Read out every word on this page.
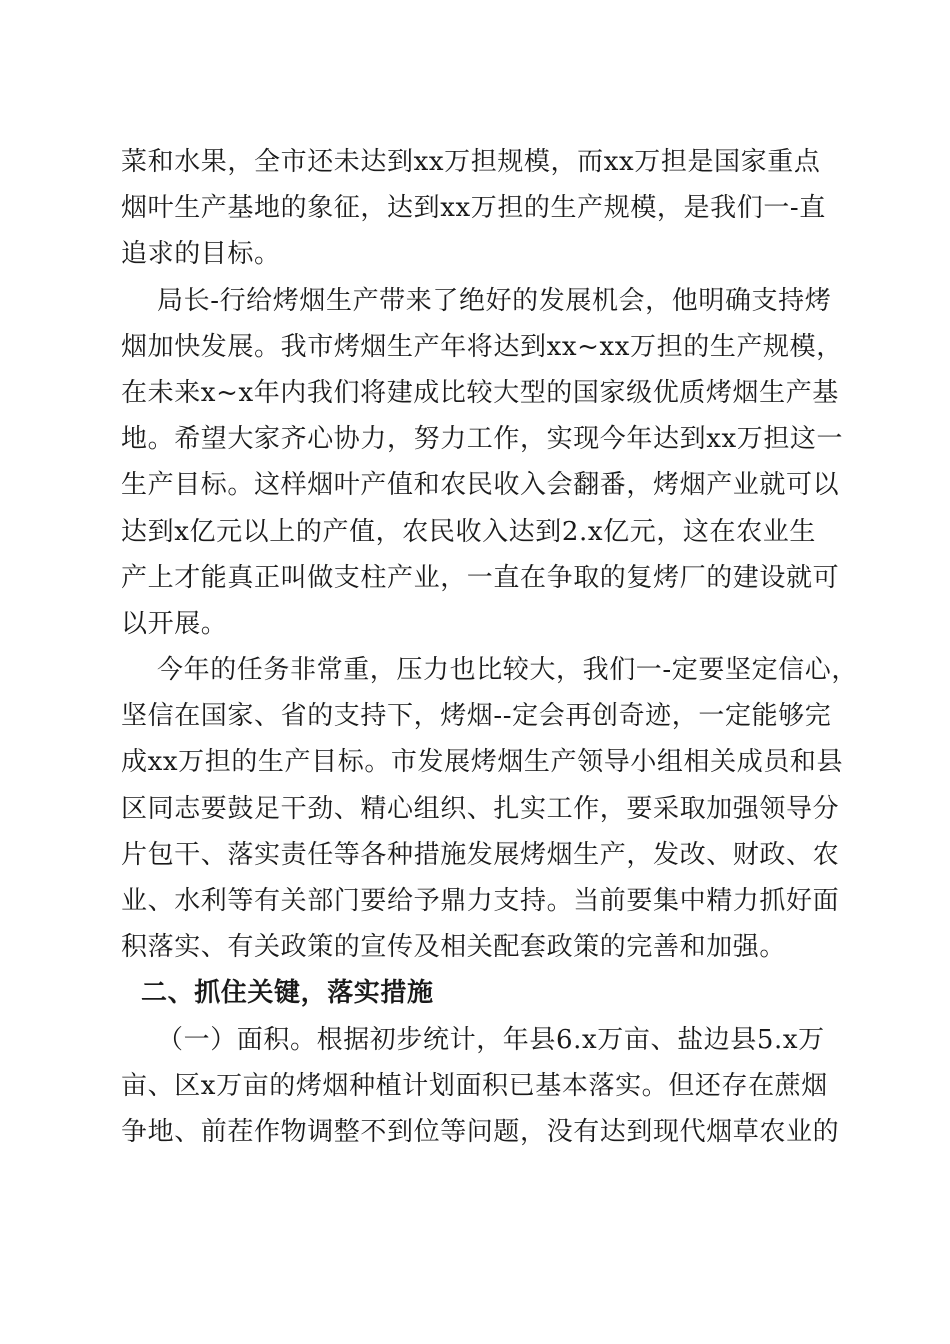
菜和水果，全市还未达到xx万担规模，而xx万担是国家重点
烟叶生产基地的象征，达到xx万担的生产规模，是我们一-直
追求的目标。
局长-行给烤烟生产带来了绝好的发展机会，他明确支持烤
烟加快发展。我市烤烟生产年将达到xx~xx万担的生产规模，
在未来x~x年内我们将建成比较大型的国家级优质烤烟生产基
地。希望大家齐心协力，努力工作，实现今年达到xx万担这一
生产目标。这样烟叶产值和农民收入会翻番，烤烟产业就可以
达到x亿元以上的产值，农民收入达到2.x亿元，这在农业生
产上才能真正叫做支柱产业，一直在争取的复烤厂的建设就可
以开展。
今年的任务非常重，压力也比较大，我们一-定要坚定信心，
坚信在国家、省的支持下，烤烟--定会再创奇迹，一定能够完
成xx万担的生产目标。市发展烤烟生产领导小组相关成员和县
区同志要鼓足干劲、精心组织、扎实工作，要采取加强领导分
片包干、落实责任等各种措施发展烤烟生产，发改、财政、农
业、水利等有关部门要给予鼎力支持。当前要集中精力抓好面
积落实、有关政策的宣传及相关配套政策的完善和加强。
二、抓住关键，落实措施
（一）面积。根据初步统计，年县6.x万亩、盐边县5.x万
亩、区x万亩的烤烟种植计划面积已基本落实。但还存在蔗烟
争地、前茬作物调整不到位等问题，没有达到现代烟草农业的
